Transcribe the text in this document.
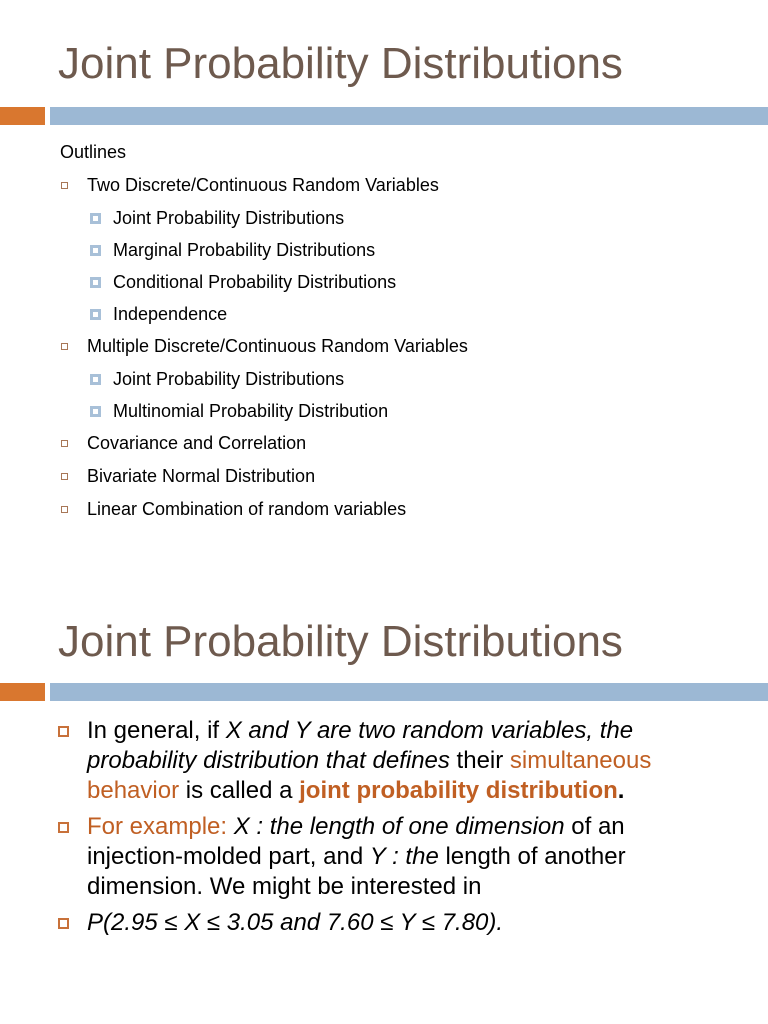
Joint Probability Distributions
Outlines
Two Discrete/Continuous Random Variables
Joint Probability Distributions
Marginal Probability Distributions
Conditional Probability Distributions
Independence
Multiple Discrete/Continuous Random Variables
Joint Probability Distributions
Multinomial Probability Distribution
Covariance and Correlation
Bivariate Normal Distribution
Linear Combination of random variables
Joint Probability Distributions
In general, if X and Y are two random variables, the probability distribution that defines their simultaneous behavior is called a joint probability distribution.
For example: X : the length of one dimension of an injection-molded part, and Y : the length of another dimension. We might be interested in
P(2.95 ≤ X ≤ 3.05 and 7.60 ≤ Y ≤ 7.80).
